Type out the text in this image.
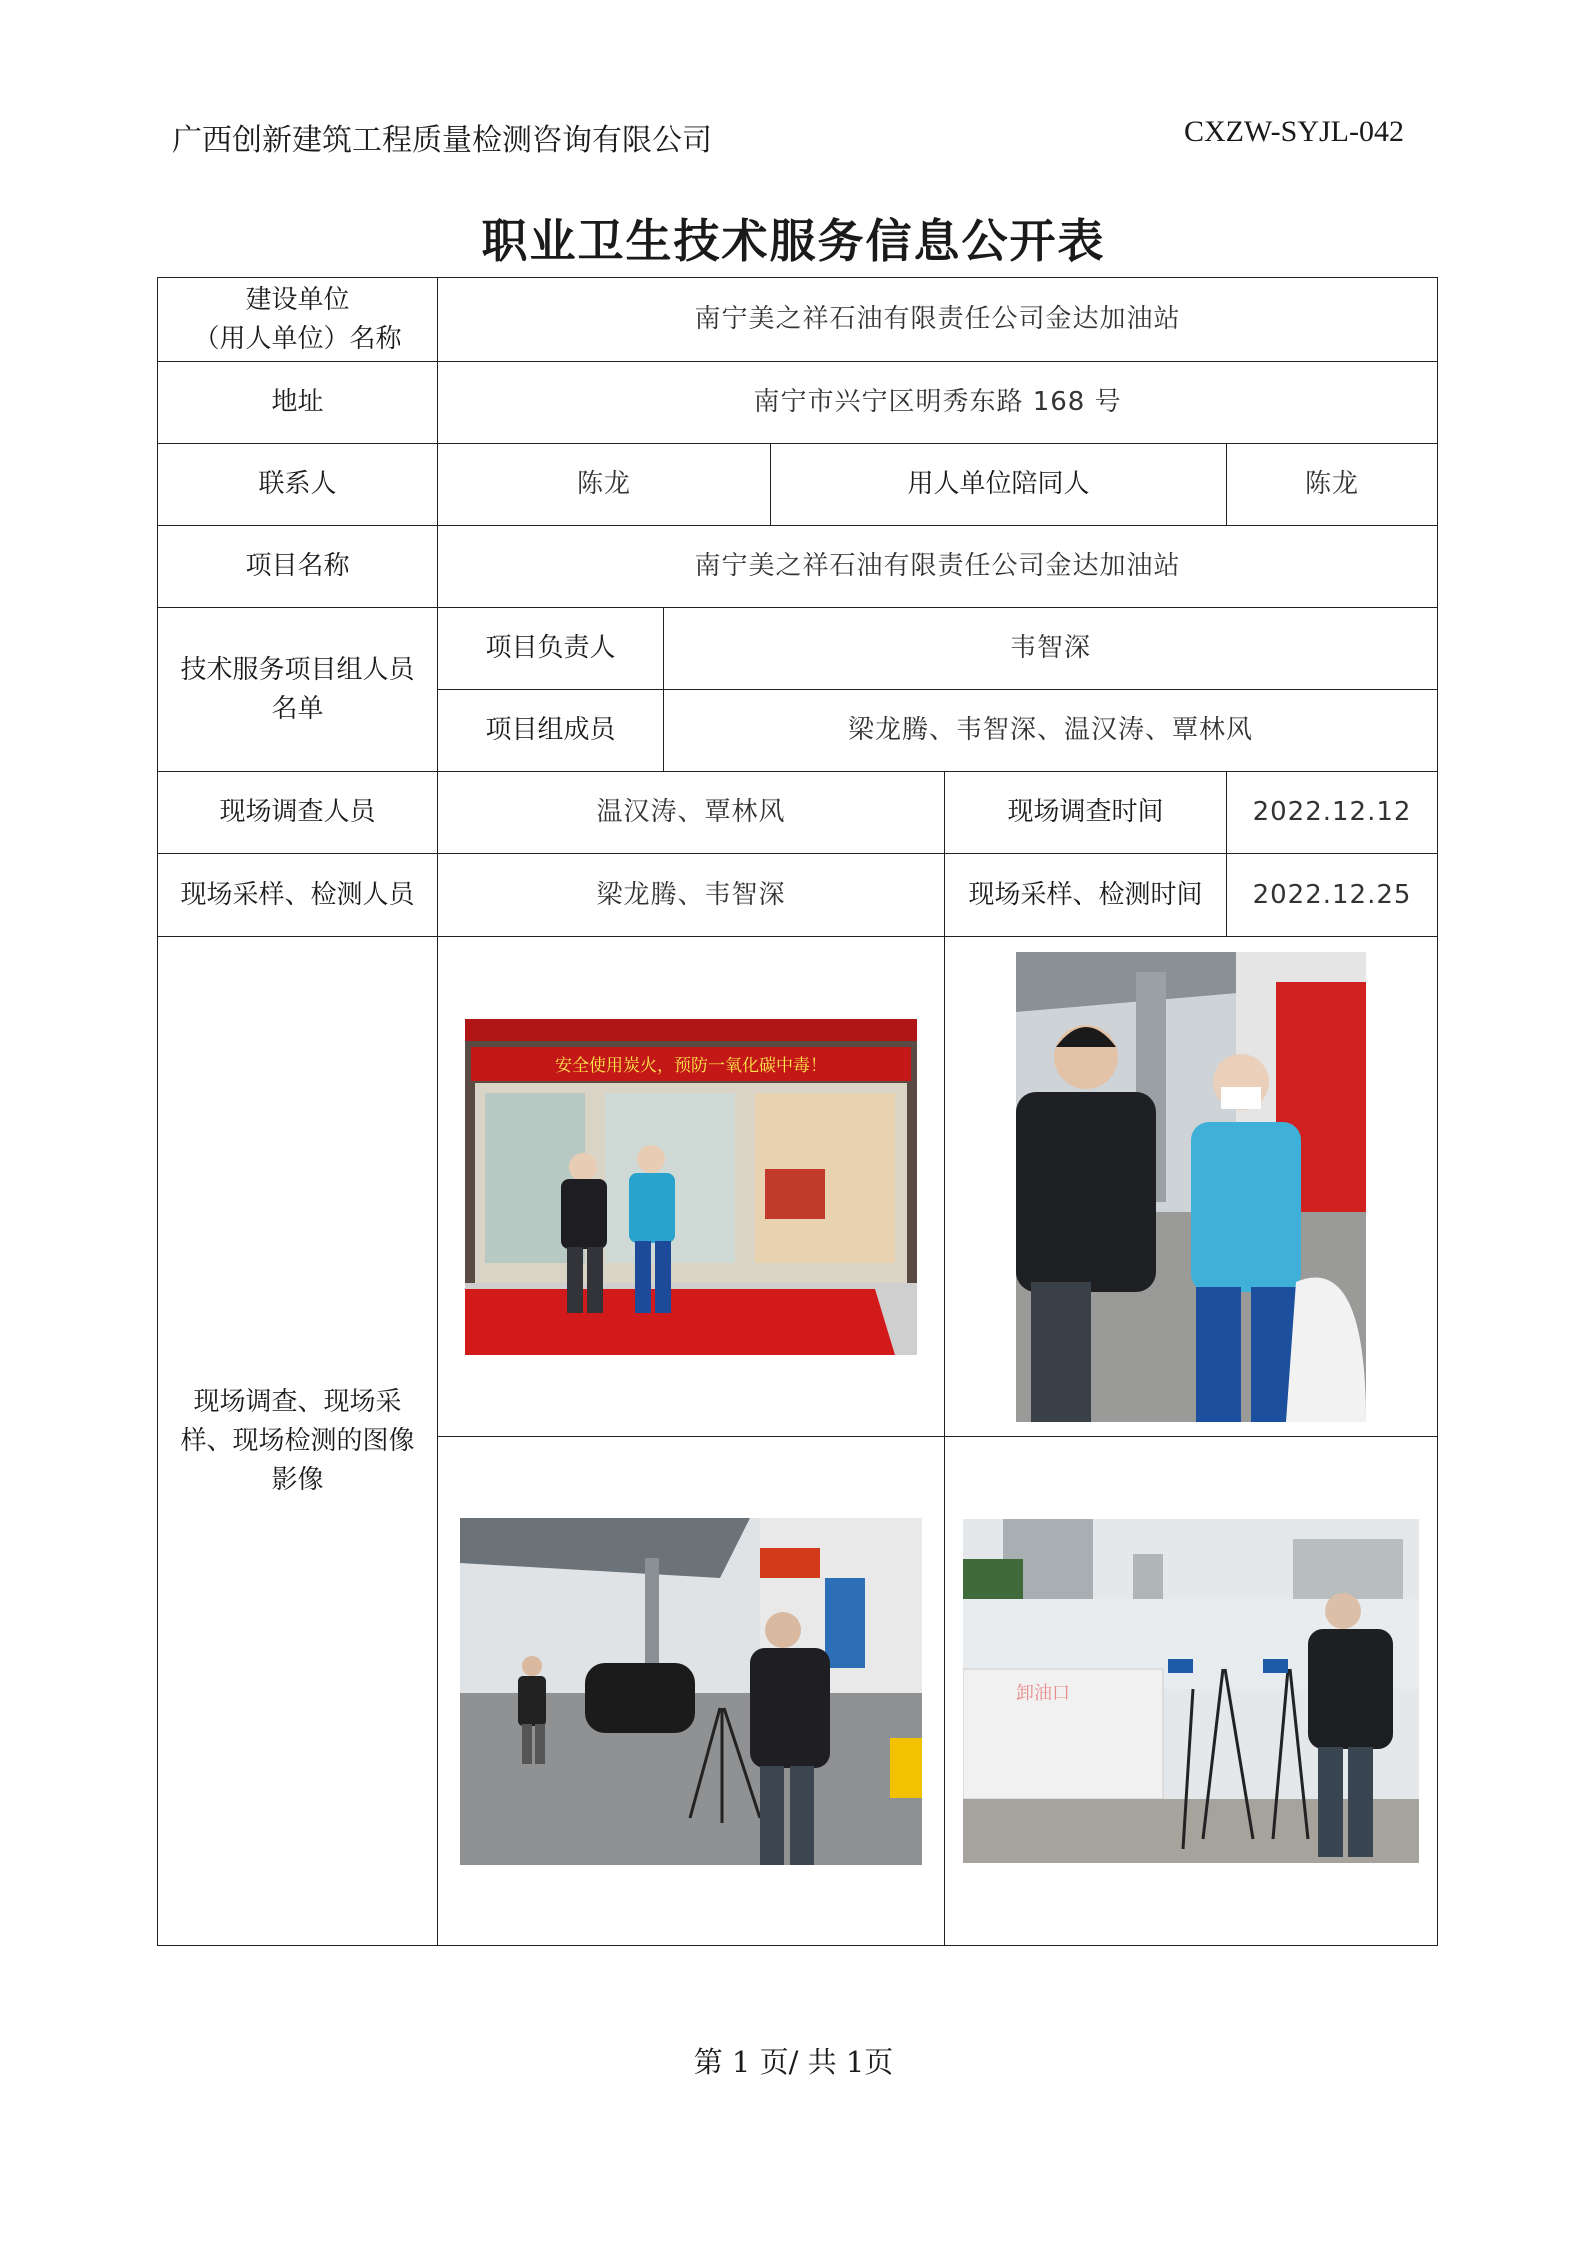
广西创新建筑工程质量检测咨询有限公司	CXZW-SYJL-042
职业卫生技术服务信息公开表
建设单位
（用人单位）名称	南宁美之祥石油有限责任公司金达加油站				
地址	南宁市兴宁区明秀东路 168 号				
联系人	陈龙		用人单位陪同人		陈龙
项目名称	南宁美之祥石油有限责任公司金达加油站				
技术服务项目组人员名单	项目负责人	韦智深			
	项目组成员	梁龙腾、韦智深、温汉涛、覃林风			
现场调查人员	温汉涛、覃林风			现场调查时间	2022.12.12
现场采样、检测人员	梁龙腾、韦智深			现场采样、检测时间	2022.12.25
现场调查、现场采样、现场检测的图像影像	安全使用炭火，预防一氧化碳中毒！

卸油口	
第 1 页/ 共 1页
